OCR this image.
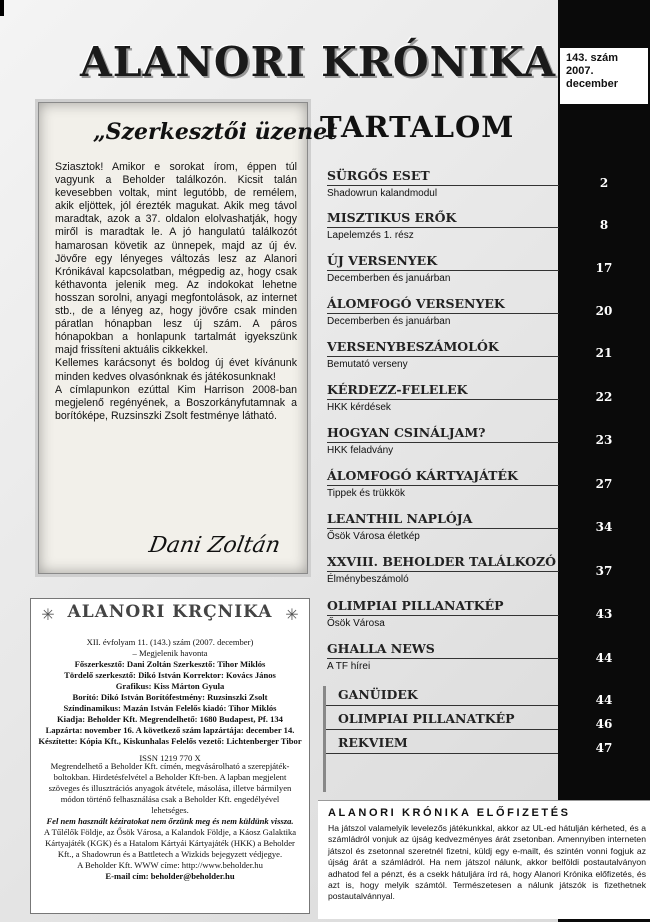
ALANORI KRÓNIKA 143. szám
2007.
december
„Szerkesztői üzenet

Sziasztok! Amikor e sorokat írom, éppen túl vagyunk a Beholder találkozón. Kicsit talán kevesebben voltak, mint legutóbb, de remélem, akik eljöttek, jól érezték magukat. Akik meg távol maradtak, azok a 37. oldalon elolvashatják, hogy miről is maradtak le. A jó hangulatú találkozót hamarosan követik az ünnepek, majd az új év. Jövőre egy lényeges változás lesz az Alanori Krónikával kapcsolatban, mégpedig az, hogy csak kéthavonta jelenik meg. Az indokokat lehetne hosszan sorolni, anyagi megfontolások, az internet stb., de a lényeg az, hogy jövőre csak minden páratlan hónapban lesz új szám. A páros hónapokban a honlapunk tartalmát igyekszünk majd frissíteni aktuális cikkekkel.

Kellemes karácsonyt és boldog új évet kívánunk minden kedves olvasónknak és játékosunknak!

A címlapunkon ezúttal Kim Harrison 2008-ban megjelenő regényének, a Boszorkányfutamnak a borítóképe, Ruzsinszki Zsolt festménye látható.

Dani Zoltán
✳	✳
ALANORI KRÇNIKA
XII. évfolyam 11. (143.) szám (2007. december)
– Megjelenik havonta
Főszerkesztő: Dani Zoltán Szerkesztő: Tihor Miklós
Tördelő szerkesztő: Dikó István Korrektor: Kovács János
Grafikus: Kiss Márton Gyula
Borító: Dikó István Borítófestmény: Ruzsinszki Zsolt
Színdinamikus: Mazán István Felelős kiadó: Tihor Miklós
Kiadja: Beholder Kft. Megrendelhető: 1680 Budapest, Pf. 134
Lapzárta: november 16. A következő szám lapzártája: december 14.
Készítette: Kópia Kft., Kiskunhalas Felelős vezető: Lichtenberger Tibor
ISSN 1219 770 X
Megrendelhető a Beholder Kft. címén, megvásárolható a szerepjáték-boltokban. Hirdetésfelvétel a Beholder Kft-ben. A lapban megjelent szöveges és illusztrációs anyagok átvétele, másolása, illetve bármilyen módon történő felhasználása csak a Beholder Kft. engedélyével lehetséges.
Fel nem használt kéziratokat nem őrzünk meg és nem küldünk vissza.
A Tűlélők Földje, az Ősök Városa, a Kalandok Földje, a Káosz Galaktika Kártyajáték (KGK) és a Hatalom Kártyái Kártyajáték (HKK) a Beholder Kft., a Shadowrun és a Battletech a Wizkids bejegyzett védjegye.
A Beholder Kft. WWW címe: http://www.beholder.hu
E-mail cím: beholder@beholder.hu
TARTALOM
SÜRGŐS ESET
Shadowrun kalandmodul
2
MISZTIKUS ERŐK
Lapelemzés 1. rész
8
ÚJ VERSENYEK
Decemberben és januárban
17
ÁLOMFOGÓ VERSENYEK
Decemberben és januárban
20
VERSENYBESZÁMOLÓK
Bemutató verseny
21
KÉRDEZZ-FELELEK
HKK kérdések
22
HOGYAN CSINÁLJAM?
HKK feladvány
23
ÁLOMFOGÓ KÁRTYAJÁTÉK
Tippek és trükkök
27
LEANTHIL NAPLÓJA
Ősök Városa életkép
34
XXVIII. BEHOLDER TALÁLKOZÓ
Élménybeszámoló
37
OLIMPIAI PILLANATKÉP
Ősök Városa
43
GHALLA NEWS
A TF hírei
44
GANÜIDEK	44
OLIMPIAI PILLANATKÉP	46
REKVIEM	47
ALANORI KRÓNIKA ELŐFIZETÉS
Ha játszol valamelyik levelezős játékunkkal, akkor az UL-ed hátulján kérheted, és a számládról vonjuk az újság kedvezményes árát zsetonban. Amennyiben interneten játszol és zsetonnal szeretnél fizetni, küldj egy e-mailt, és szintén vonni fogjuk az újság árát a számládról. Ha nem játszol nálunk, akkor belföldi postautalványon adhatod fel a pénzt, és a csekk hátuljára írd rá, hogy Alanori Krónika előfizetés, és azt is, hogy melyik számtól. Természetesen a nálunk játszók is fizethetnek postautalvánnyal.
